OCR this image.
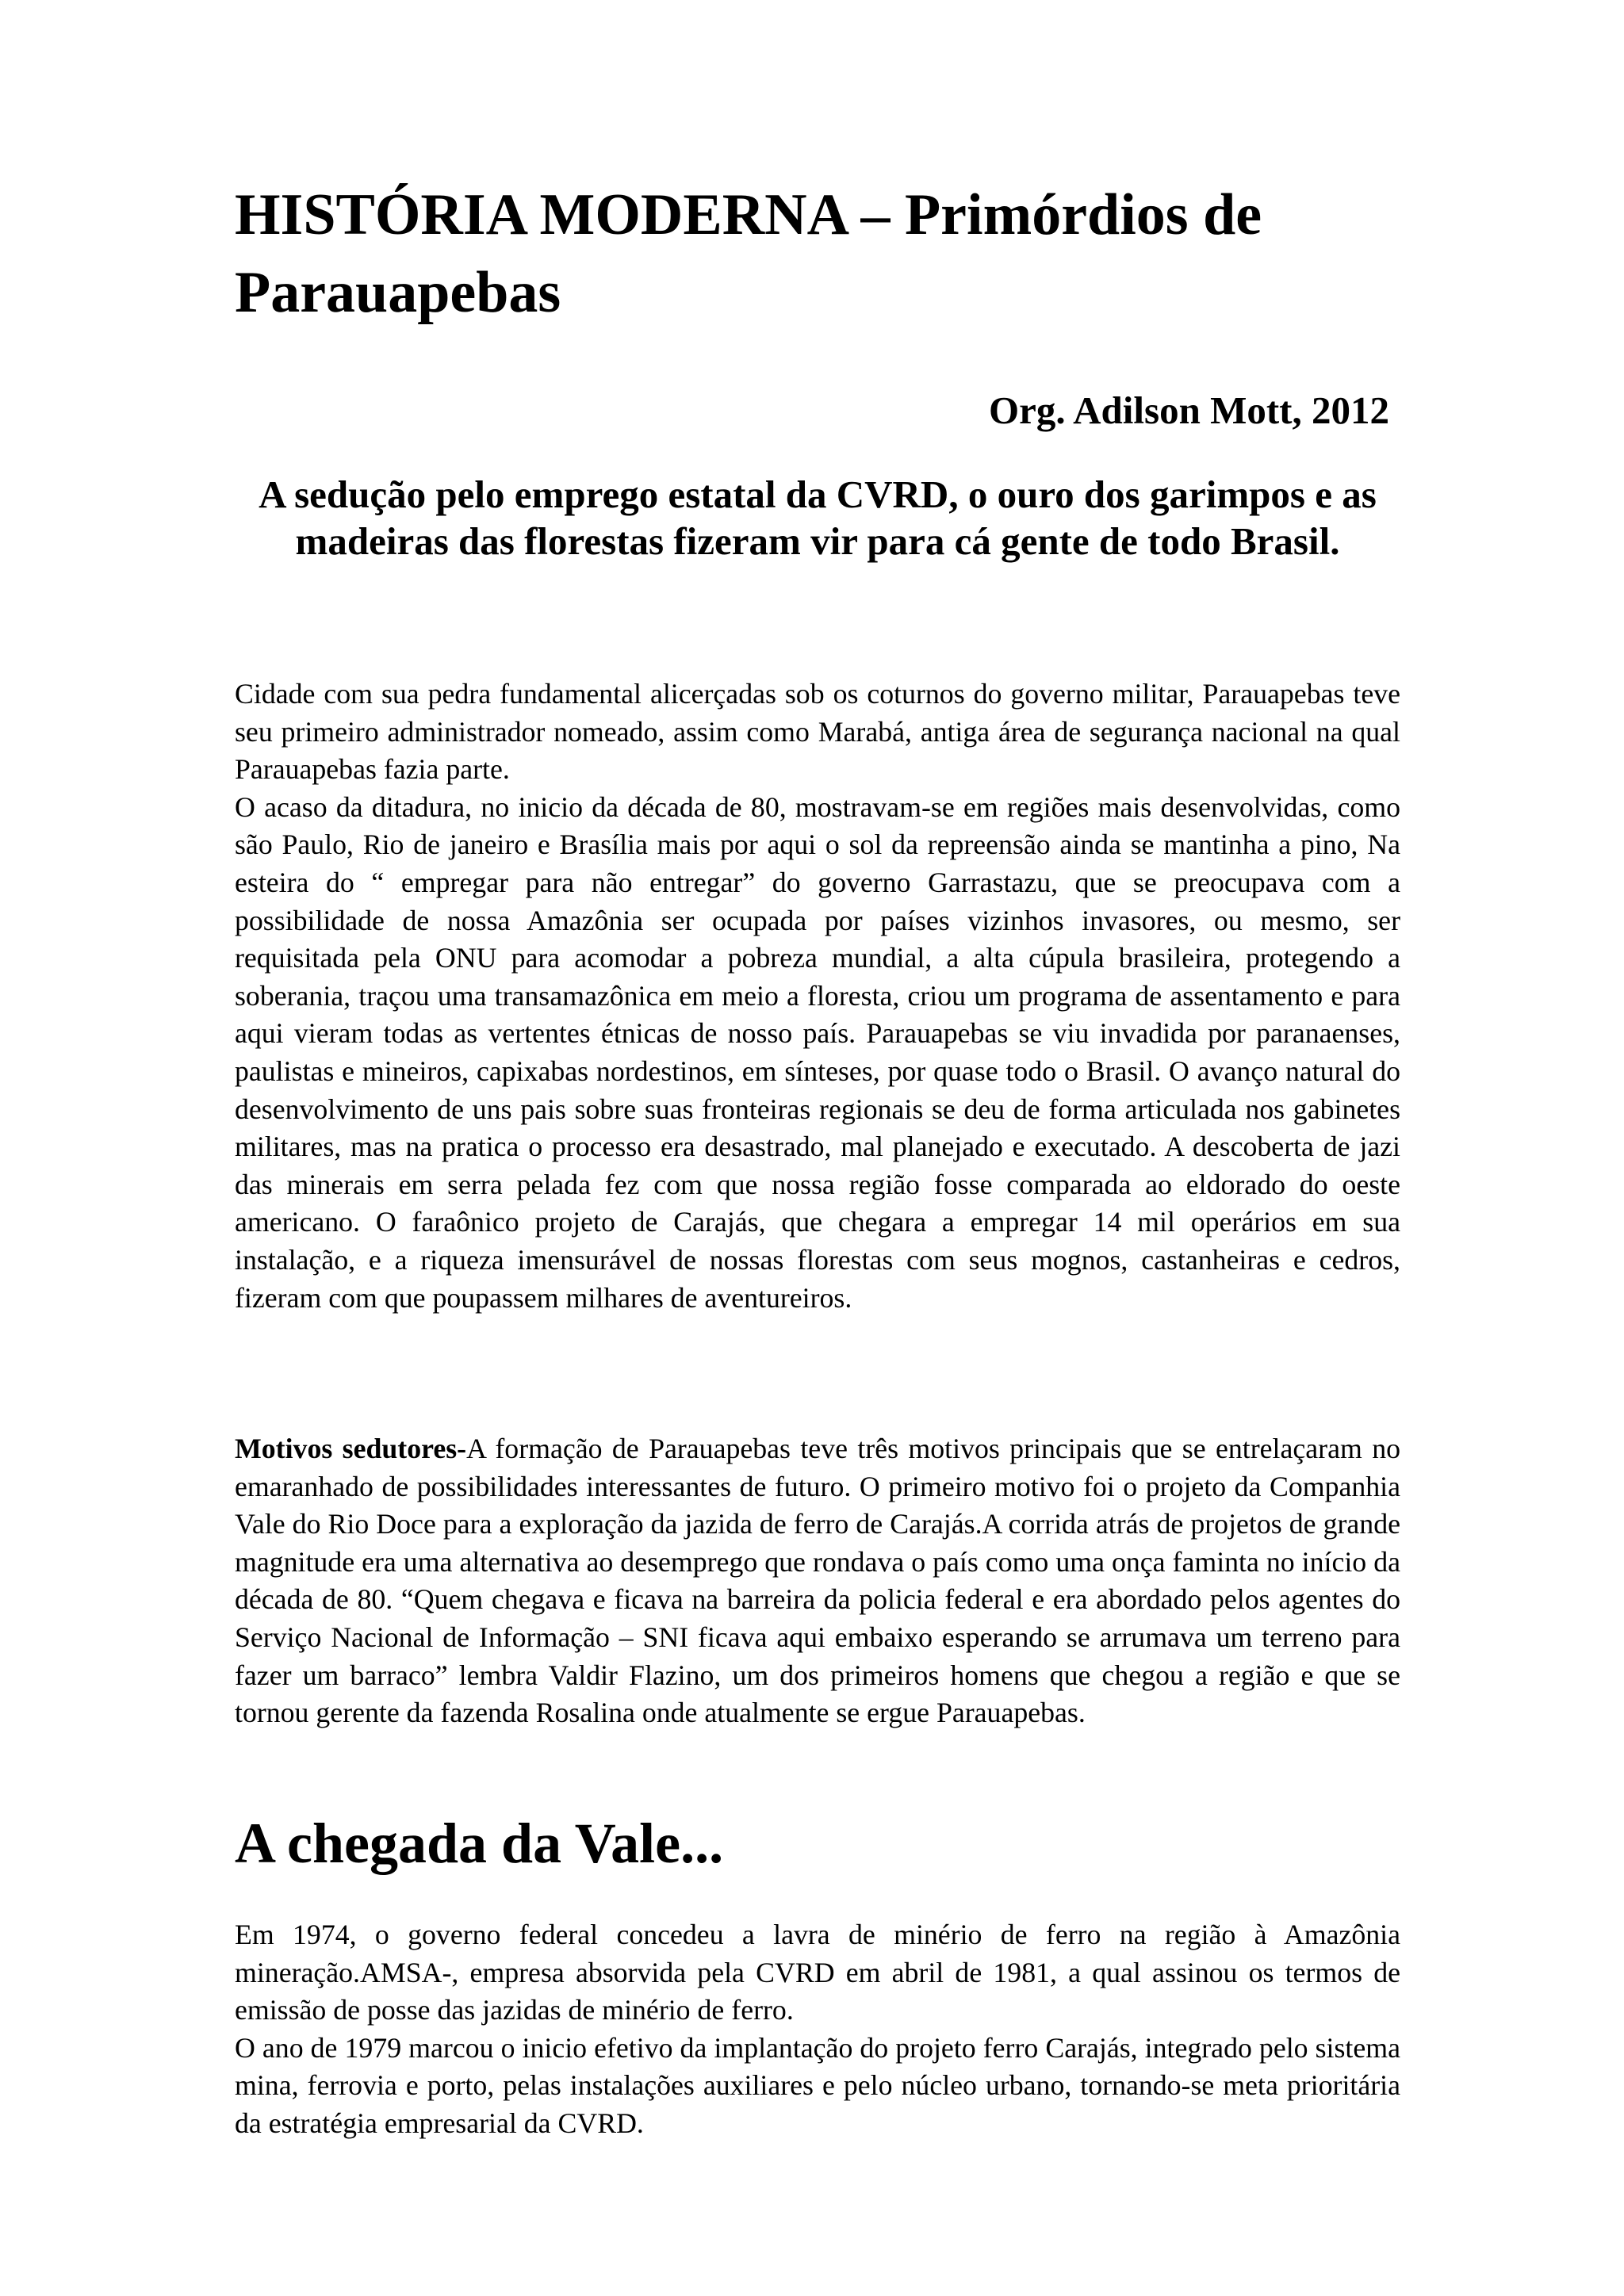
HISTÓRIA MODERNA – Primórdios de Parauapebas

Org. Adilson Mott, 2012

A sedução pelo emprego estatal da CVRD, o ouro dos garimpos e as madeiras das florestas fizeram vir para cá gente de todo Brasil.

Cidade com sua pedra fundamental alicerçadas sob os coturnos do governo militar, Parauapebas teve seu primeiro administrador nomeado, assim como Marabá, antiga área de segurança nacional na qual Parauapebas fazia parte.

O acaso da ditadura, no inicio da década de 80, mostravam-se em regiões mais desenvolvidas, como são Paulo, Rio de janeiro e Brasília mais por aqui o sol da repreensão ainda se mantinha a pino, Na esteira do “ empregar para não entregar” do governo Garrastazu, que se preocupava com a possibilidade de nossa Amazônia ser ocupada por países vizinhos invasores, ou mesmo, ser requisitada pela ONU para acomodar a pobreza mundial, a alta cúpula brasileira, protegendo a soberania, traçou uma transamazônica em meio a floresta, criou um programa de assentamento e para aqui vieram todas as vertentes étnicas de nosso país. Parauapebas se viu invadida por paranaenses, paulistas e mineiros, capixabas nordestinos, em sínteses, por quase todo o Brasil. O avanço natural do desenvolvimento de uns pais sobre suas fronteiras regionais se deu de forma articulada nos gabinetes militares, mas na pratica o processo era desastrado, mal planejado e executado. A descoberta de jazi das minerais em serra pelada fez com que nossa região fosse comparada ao eldorado do oeste americano. O faraônico projeto de Carajás, que chegara a empregar 14 mil operários em sua instalação, e a riqueza imensurável de nossas florestas com seus mognos, castanheiras e cedros, fizeram com que poupassem milhares de aventureiros.

Motivos sedutores-A formação de Parauapebas teve três motivos principais que se entrelaçaram no emaranhado de possibilidades interessantes de futuro. O primeiro motivo foi o projeto da Companhia Vale do Rio Doce para a exploração da jazida de ferro de Carajás.A corrida atrás de projetos de grande magnitude era uma alternativa ao desemprego que rondava o país como uma onça faminta no início da década de 80. “Quem chegava e ficava na barreira da policia federal e era abordado pelos agentes do Serviço Nacional de Informação – SNI ficava aqui embaixo esperando se arrumava um terreno para fazer um barraco” lembra Valdir Flazino, um dos primeiros homens que chegou a região e que se tornou gerente da fazenda Rosalina onde atualmente se ergue Parauapebas.

A chegada da Vale...

Em 1974, o governo federal concedeu a lavra de minério de ferro na região à Amazônia mineração.AMSA-, empresa absorvida pela CVRD em abril de 1981, a qual assinou os termos de emissão de posse das jazidas de minério de ferro.

O ano de 1979 marcou o inicio efetivo da implantação do projeto ferro Carajás, integrado pelo sistema mina, ferrovia e porto, pelas instalações auxiliares e pelo núcleo urbano, tornando-se meta prioritária da estratégia empresarial da CVRD.
